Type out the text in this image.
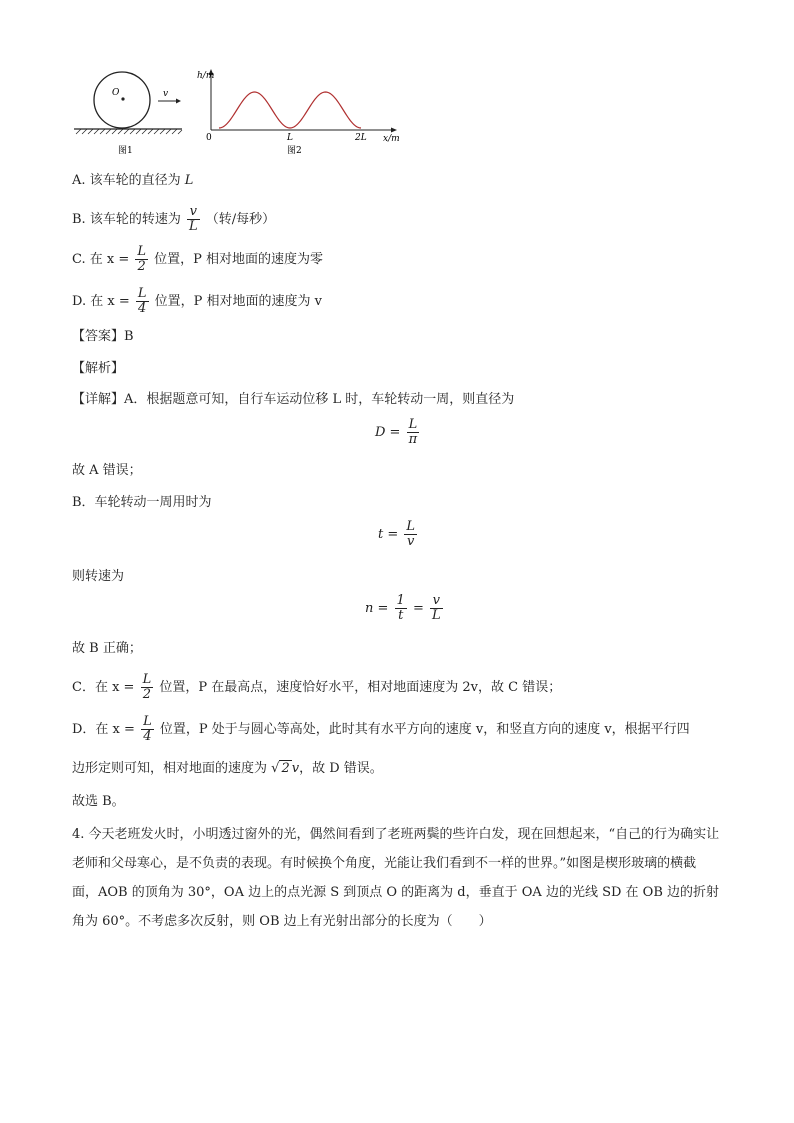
O	v
图1
h/m
0	L	2L x/m
图2
A. 该车轮的直径为 L
B. 该车轮的转速为 $\frac{v}{L}$ （转/每秒）
C. 在 $x = \frac{L}{2}$ 位置，P 相对地面的速度为零
D. 在 $x = \frac{L}{4}$ 位置，P 相对地面的速度为 v
【答案】B
【解析】
【详解】A．根据题意可知，自行车运动位移 L 时，车轮转动一周，则直径为
$D = \frac{L}{\pi}$
故 A 错误；
B．车轮转动一周用时为
$t = \frac{L}{v}$
则转速为
$n = \frac{1}{t} = \frac{v}{L}$
故 B 正确；
C．在 $x = \frac{L}{2}$ 位置，P 在最高点，速度恰好水平，相对地面速度为 2v，故 C 错误；
D．在 $x = \frac{L}{4}$ 位置，P 处于与圆心等高处，此时其有水平方向的速度 v，和竖直方向的速度 v，根据平行四
边形定则可知，相对地面的速度为 √ 2 v，故 D 错误。
故选 B。
4. 今天老班发火时，小明透过窗外的光，偶然间看到了老班两鬓的些许白发，现在回想起来，“自己的行为确实让老师和父母寒心，是不负责的表现。有时候换个角度，光能让我们看到不一样的世界。”如图是楔形玻璃的横截面，AOB 的顶角为 30°，OA 边上的点光源 S 到顶点 O 的距离为 d，垂直于 OA 边的光线 SD 在 OB 边的折射角为 60°。不考虑多次反射，则 OB 边上有光射出部分的长度为（　　）
